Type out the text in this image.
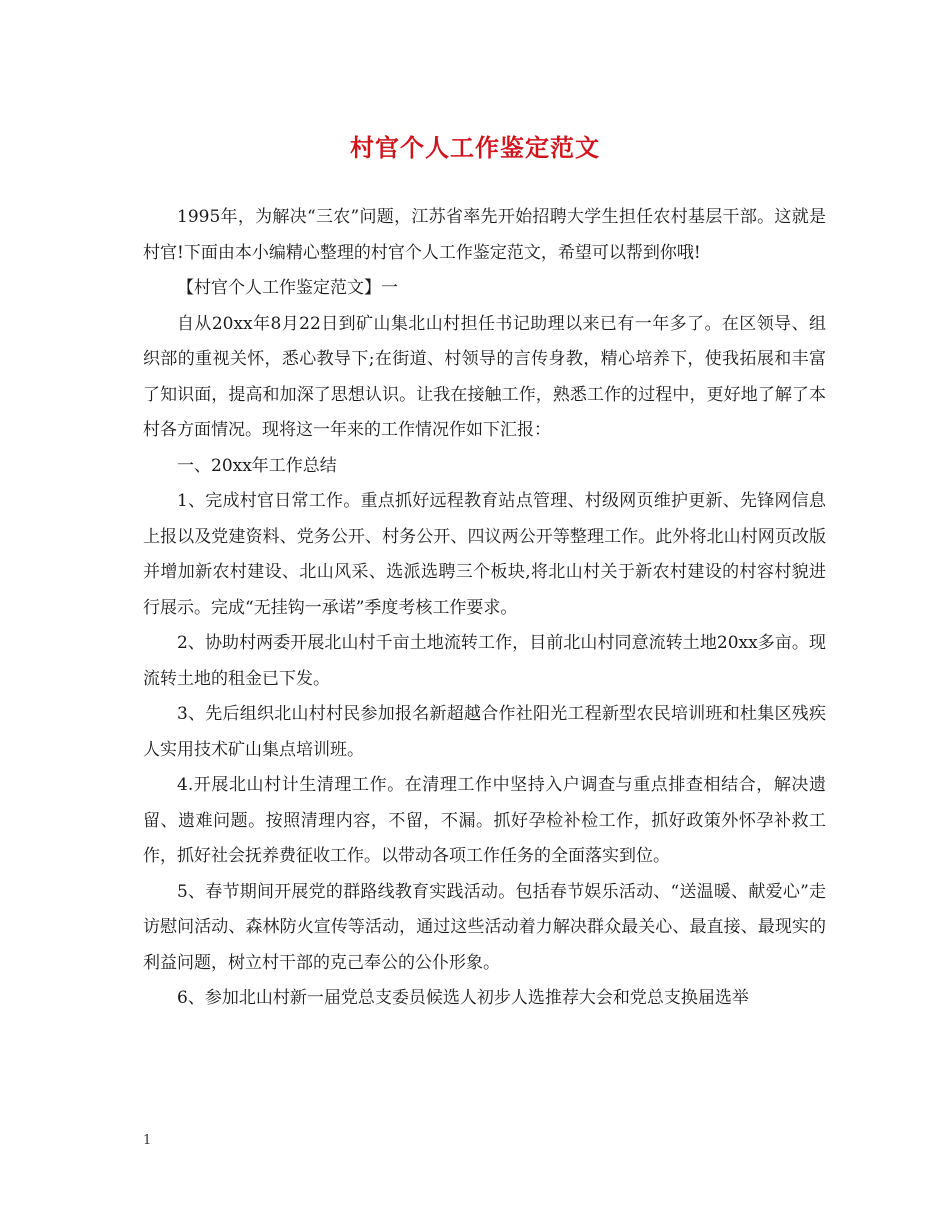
村官个人工作鉴定范文

1995年，为解决“三农”问题，江苏省率先开始招聘大学生担任农村基层干部。这就是村官!下面由本小编精心整理的村官个人工作鉴定范文，希望可以帮到你哦!

【村官个人工作鉴定范文】一

自从20xx年8月22日到矿山集北山村担任书记助理以来已有一年多了。在区领导、组织部的重视关怀，悉心教导下;在街道、村领导的言传身教，精心培养下，使我拓展和丰富了知识面，提高和加深了思想认识。让我在接触工作，熟悉工作的过程中，更好地了解了本村各方面情况。现将这一年来的工作情况作如下汇报：

一、20xx年工作总结

1、完成村官日常工作。重点抓好远程教育站点管理、村级网页维护更新、先锋网信息上报以及党建资料、党务公开、村务公开、四议两公开等整理工作。此外将北山村网页改版并增加新农村建设、北山风采、选派选聘三个板块,将北山村关于新农村建设的村容村貌进行展示。完成“无挂钩一承诺”季度考核工作要求。

2、协助村两委开展北山村千亩土地流转工作，目前北山村同意流转土地20xx多亩。现流转土地的租金已下发。

3、先后组织北山村村民参加报名新超越合作社阳光工程新型农民培训班和杜集区残疾人实用技术矿山集点培训班。

4.开展北山村计生清理工作。在清理工作中坚持入户调查与重点排查相结合，解决遗留、遗难问题。按照清理内容，不留，不漏。抓好孕检补检工作，抓好政策外怀孕补救工作，抓好社会抚养费征收工作。以带动各项工作任务的全面落实到位。

5、春节期间开展党的群路线教育实践活动。包括春节娱乐活动、“送温暖、献爱心”走访慰问活动、森林防火宣传等活动，通过这些活动着力解决群众最关心、最直接、最现实的利益问题，树立村干部的克己奉公的公仆形象。

6、参加北山村新一届党总支委员候选人初步人选推荐大会和党总支换届选举

1
